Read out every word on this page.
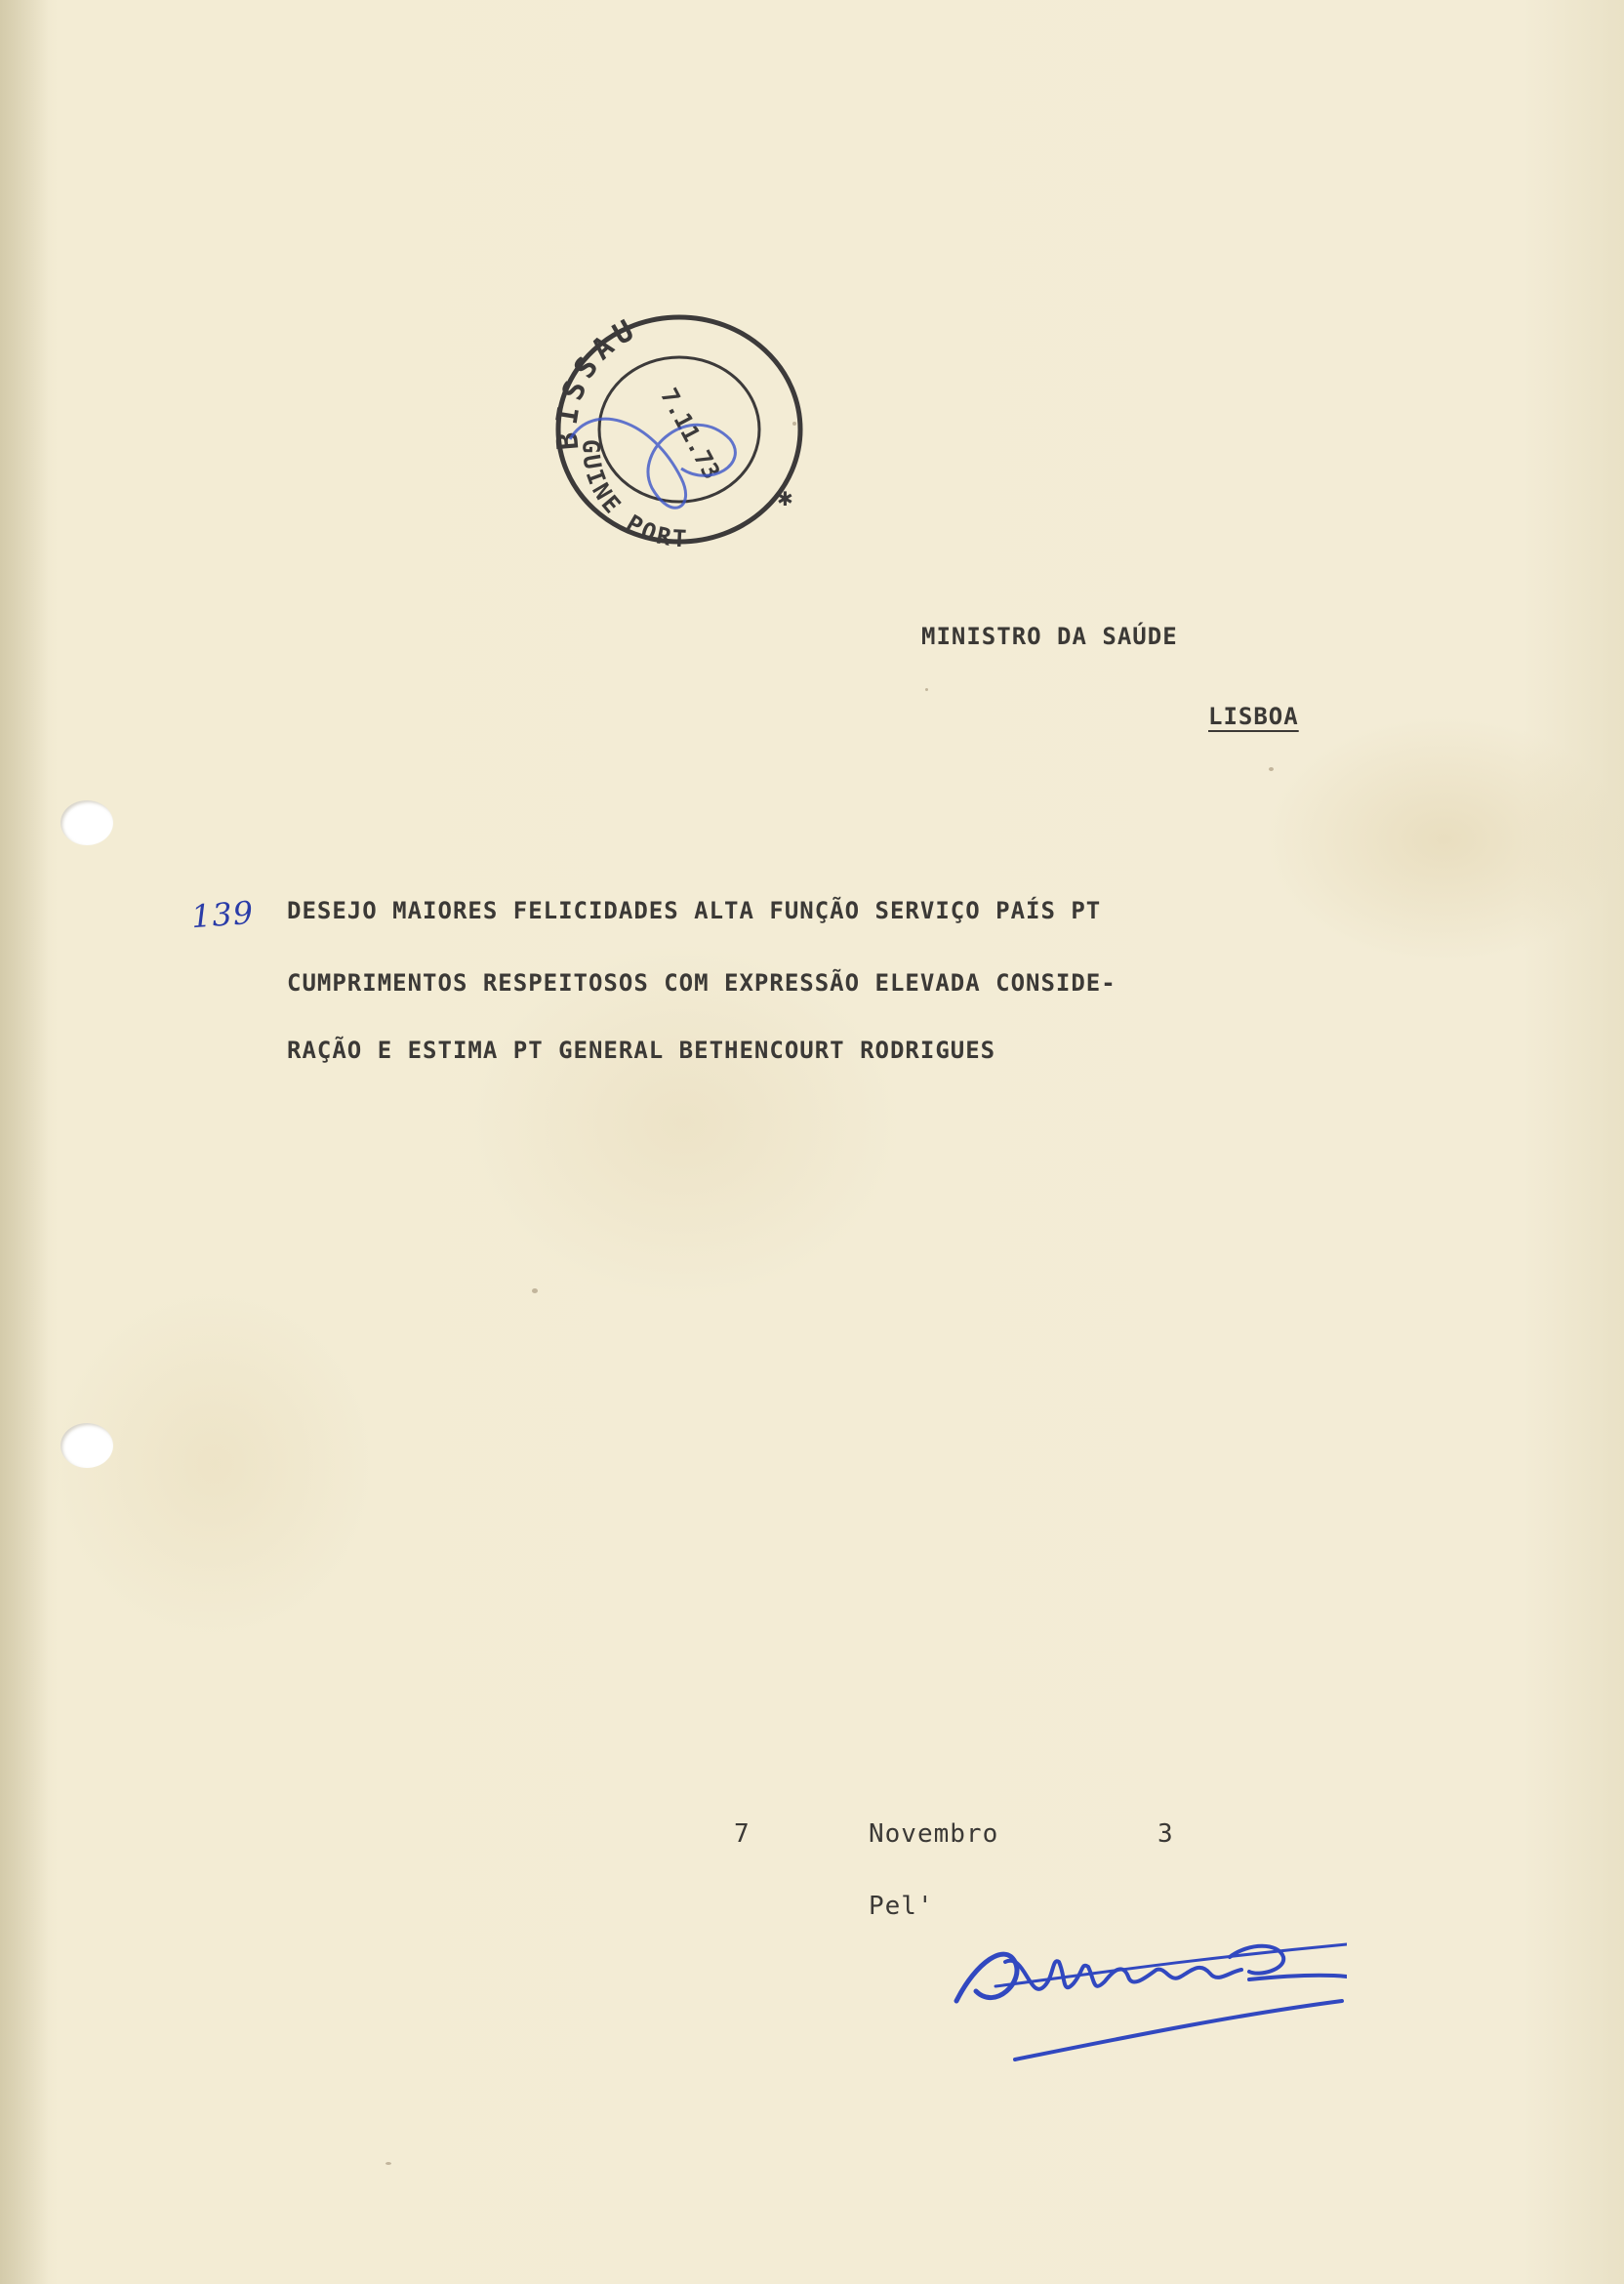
BISSAU
GUINE PORT
7.11.73
✱
MINISTRO DA SAÚDE
LISBOA
139 DESEJO MAIORES FELICIDADES ALTA FUNÇÃO SERVIÇO PAÍS PT
CUMPRIMENTOS RESPEITOSOS COM EXPRESSÃO ELEVADA CONSIDE-
RAÇÃO E ESTIMA PT GENERAL BETHENCOURT RODRIGUES
7	Novembro	3
Pel'
